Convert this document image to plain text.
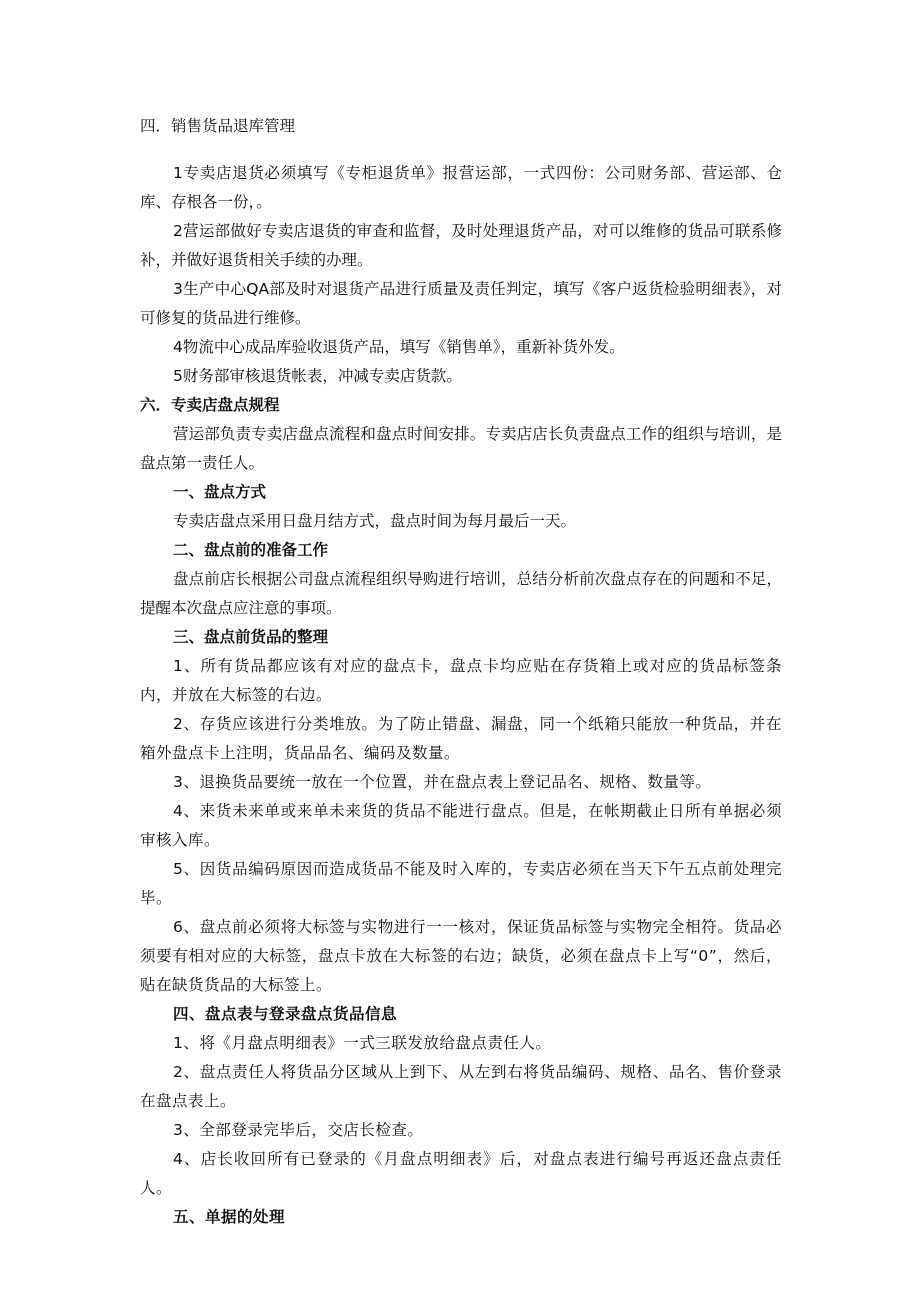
四．销售货品退库管理
1专卖店退货必须填写《专柜退货单》报营运部，一式四份：公司财务部、营运部、仓库、存根各一份，。
2营运部做好专卖店退货的审查和监督，及时处理退货产品，对可以维修的货品可联系修补，并做好退货相关手续的办理。
3生产中心QA部及时对退货产品进行质量及责任判定，填写《客户返货检验明细表》，对可修复的货品进行维修。
4物流中心成品库验收退货产品，填写《销售单》，重新补货外发。
5财务部审核退货帐表，冲减专卖店货款。
六．专卖店盘点规程
营运部负责专卖店盘点流程和盘点时间安排。专卖店店长负责盘点工作的组织与培训，是盘点第一责任人。
一、盘点方式
专卖店盘点采用日盘月结方式，盘点时间为每月最后一天。
二、盘点前的准备工作
盘点前店长根据公司盘点流程组织导购进行培训，总结分析前次盘点存在的问题和不足，提醒本次盘点应注意的事项。
三、盘点前货品的整理
1、所有货品都应该有对应的盘点卡，盘点卡均应贴在存货箱上或对应的货品标签条内，并放在大标签的右边。
2、存货应该进行分类堆放。为了防止错盘、漏盘，同一个纸箱只能放一种货品，并在箱外盘点卡上注明，货品品名、编码及数量。
3、退换货品要统一放在一个位置，并在盘点表上登记品名、规格、数量等。
4、来货未来单或来单未来货的货品不能进行盘点。但是，在帐期截止日所有单据必须审核入库。
5、因货品编码原因而造成货品不能及时入库的，专卖店必须在当天下午五点前处理完毕。
6、盘点前必须将大标签与实物进行一一核对，保证货品标签与实物完全相符。货品必须要有相对应的大标签，盘点卡放在大标签的右边；缺货，必须在盘点卡上写“0”，然后，贴在缺货货品的大标签上。
四、盘点表与登录盘点货品信息
1、将《月盘点明细表》一式三联发放给盘点责任人。
2、盘点责任人将货品分区域从上到下、从左到右将货品编码、规格、品名、售价登录在盘点表上。
3、全部登录完毕后，交店长检查。
4、店长收回所有已登录的《月盘点明细表》后，对盘点表进行编号再返还盘点责任人。
五、单据的处理
